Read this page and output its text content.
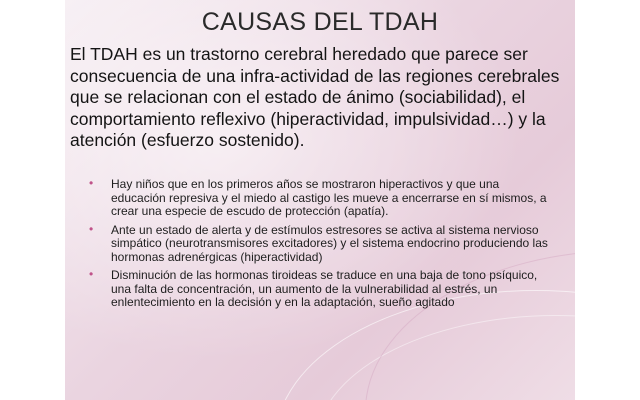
CAUSAS DEL TDAH
El TDAH es un trastorno cerebral heredado que parece ser consecuencia de una infra-actividad de las regiones cerebrales que se relacionan con el estado de ánimo (sociabilidad), el comportamiento reflexivo (hiperactividad, impulsividad…) y la atención (esfuerzo sostenido).
• Hay niños que en los primeros años se mostraron hiperactivos y que una educación represiva y el miedo al castigo les mueve a encerrarse en sí mismos, a crear una especie de escudo de protección (apatía).
• Ante un estado de alerta y de estímulos estresores se activa al sistema nervioso simpático (neurotransmisores excitadores) y el sistema endocrino produciendo las hormonas adrenérgicas (hiperactividad)
• Disminución de las hormonas tiroideas se traduce en una baja de tono psíquico, una falta de concentración, un aumento de la vulnerabilidad al estrés, un enlentecimiento en la decisión y en la adaptación, sueño agitado
